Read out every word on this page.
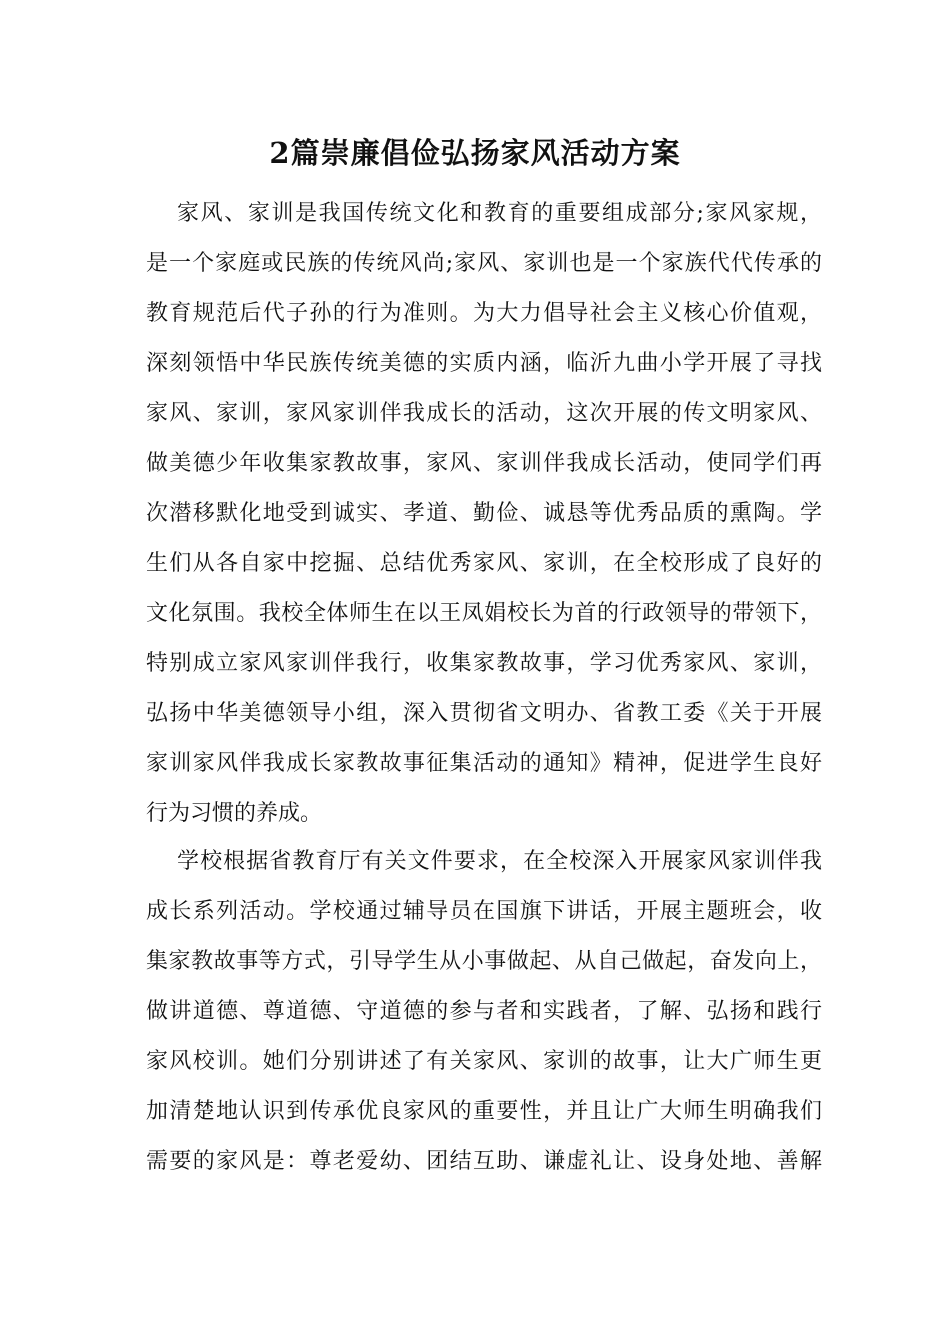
2篇崇廉倡俭弘扬家风活动方案
家风、家训是我国传统文化和教育的重要组成部分;家风家规，
是一个家庭或民族的传统风尚;家风、家训也是一个家族代代传承的
教育规范后代子孙的行为准则。为大力倡导社会主义核心价值观，
深刻领悟中华民族传统美德的实质内涵，临沂九曲小学开展了寻找
家风、家训，家风家训伴我成长的活动，这次开展的传文明家风、
做美德少年收集家教故事，家风、家训伴我成长活动，使同学们再
次潜移默化地受到诚实、孝道、勤俭、诚恳等优秀品质的熏陶。学
生们从各自家中挖掘、总结优秀家风、家训，在全校形成了良好的
文化氛围。我校全体师生在以王凤娟校长为首的行政领导的带领下，
特别成立家风家训伴我行，收集家教故事，学习优秀家风、家训，
弘扬中华美德领导小组，深入贯彻省文明办、省教工委《关于开展
家训家风伴我成长家教故事征集活动的通知》精神，促进学生良好
行为习惯的养成。
学校根据省教育厅有关文件要求，在全校深入开展家风家训伴我
成长系列活动。学校通过辅导员在国旗下讲话，开展主题班会，收
集家教故事等方式，引导学生从小事做起、从自己做起，奋发向上，
做讲道德、尊道德、守道德的参与者和实践者，了解、弘扬和践行
家风校训。她们分别讲述了有关家风、家训的故事，让大广师生更
加清楚地认识到传承优良家风的重要性，并且让广大师生明确我们
需要的家风是：尊老爱幼、团结互助、谦虚礼让、设身处地、善解
